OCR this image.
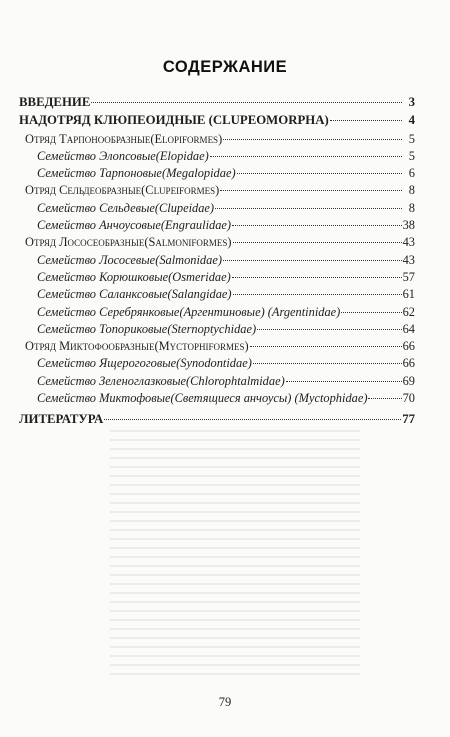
СОДЕРЖАНИЕ
ВВЕДЕНИЕ	3
НАДОТРЯД КЛЮПЕОИДНЫЕ (CLUPEOMORPHA)	4
Отряд Тарпонообразные (Elopiformes)	5
Семейство Элопсовые (Elopidae)	5
Семейство Тарпоновые (Megalopidae)	6
Отряд Сельдеобразные (Clupeiformes)	8
Семейство Сельдевые (Clupeidae)	8
Семейство Анчоусовые (Engraulidae)	38
Отряд Лососеобразные (Salmoniformes)	43
Семейство Лососевые (Salmonidae)	43
Семейство Корюшковые (Osmeridae)	57
Семейство Саланксовые (Salangidae)	61
Семейство Серебрянковые (Аргентиновые) (Argentinidae)	62
Семейство Топориковые (Sternoptychidae)	64
Отряд Миктофообразные (Myctophiformes)	66
Семейство Ящерогоговые (Synodontidae)	66
Семейство Зеленоглазковые (Chlorophtalmidae)	69
Семейство Миктофовые (Светящиеся анчоусы) (Myctophidae)	70
ЛИТЕРАТУРА	77
79
